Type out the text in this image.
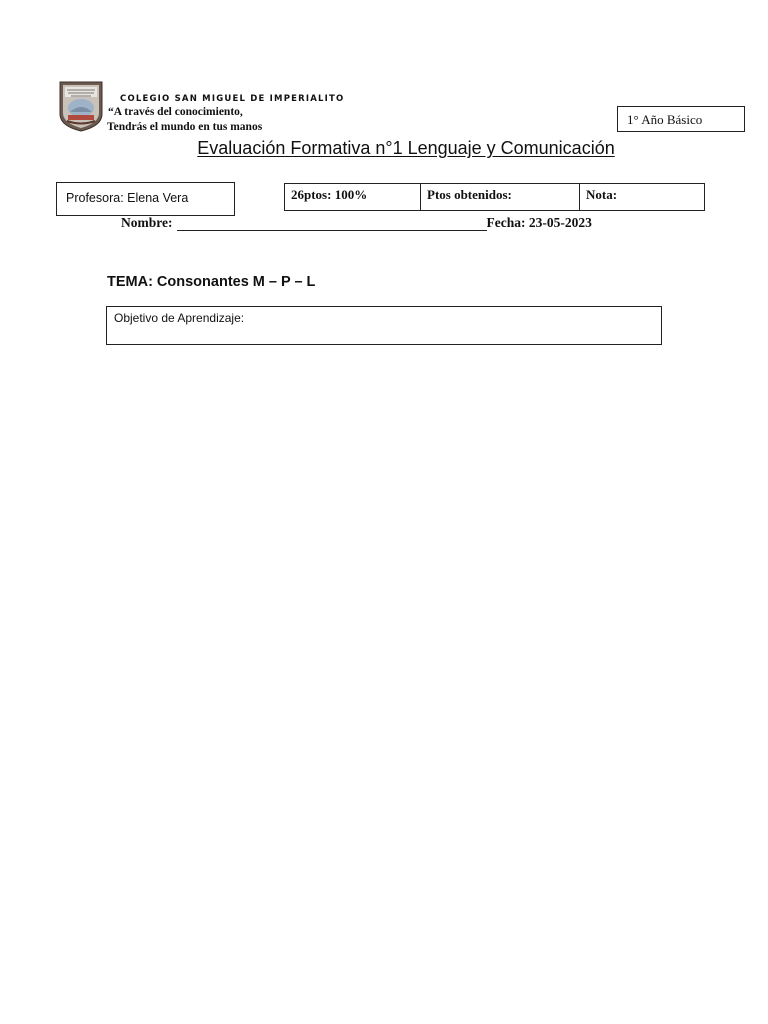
COLEGIO SAN MIGUEL DE IMPERIALITO
“A través del conocimiento,
Tendrás el mundo en tus manos	1° Año Básico
Evaluación Formativa n°1 Lenguaje y Comunicación
Profesora: Elena Vera	26ptos: 100%	Ptos obtenidos:	Nota:
Nombre:	Fecha: 23-05-2023
TEMA: Consonantes M – P – L
Objetivo de Aprendizaje:
